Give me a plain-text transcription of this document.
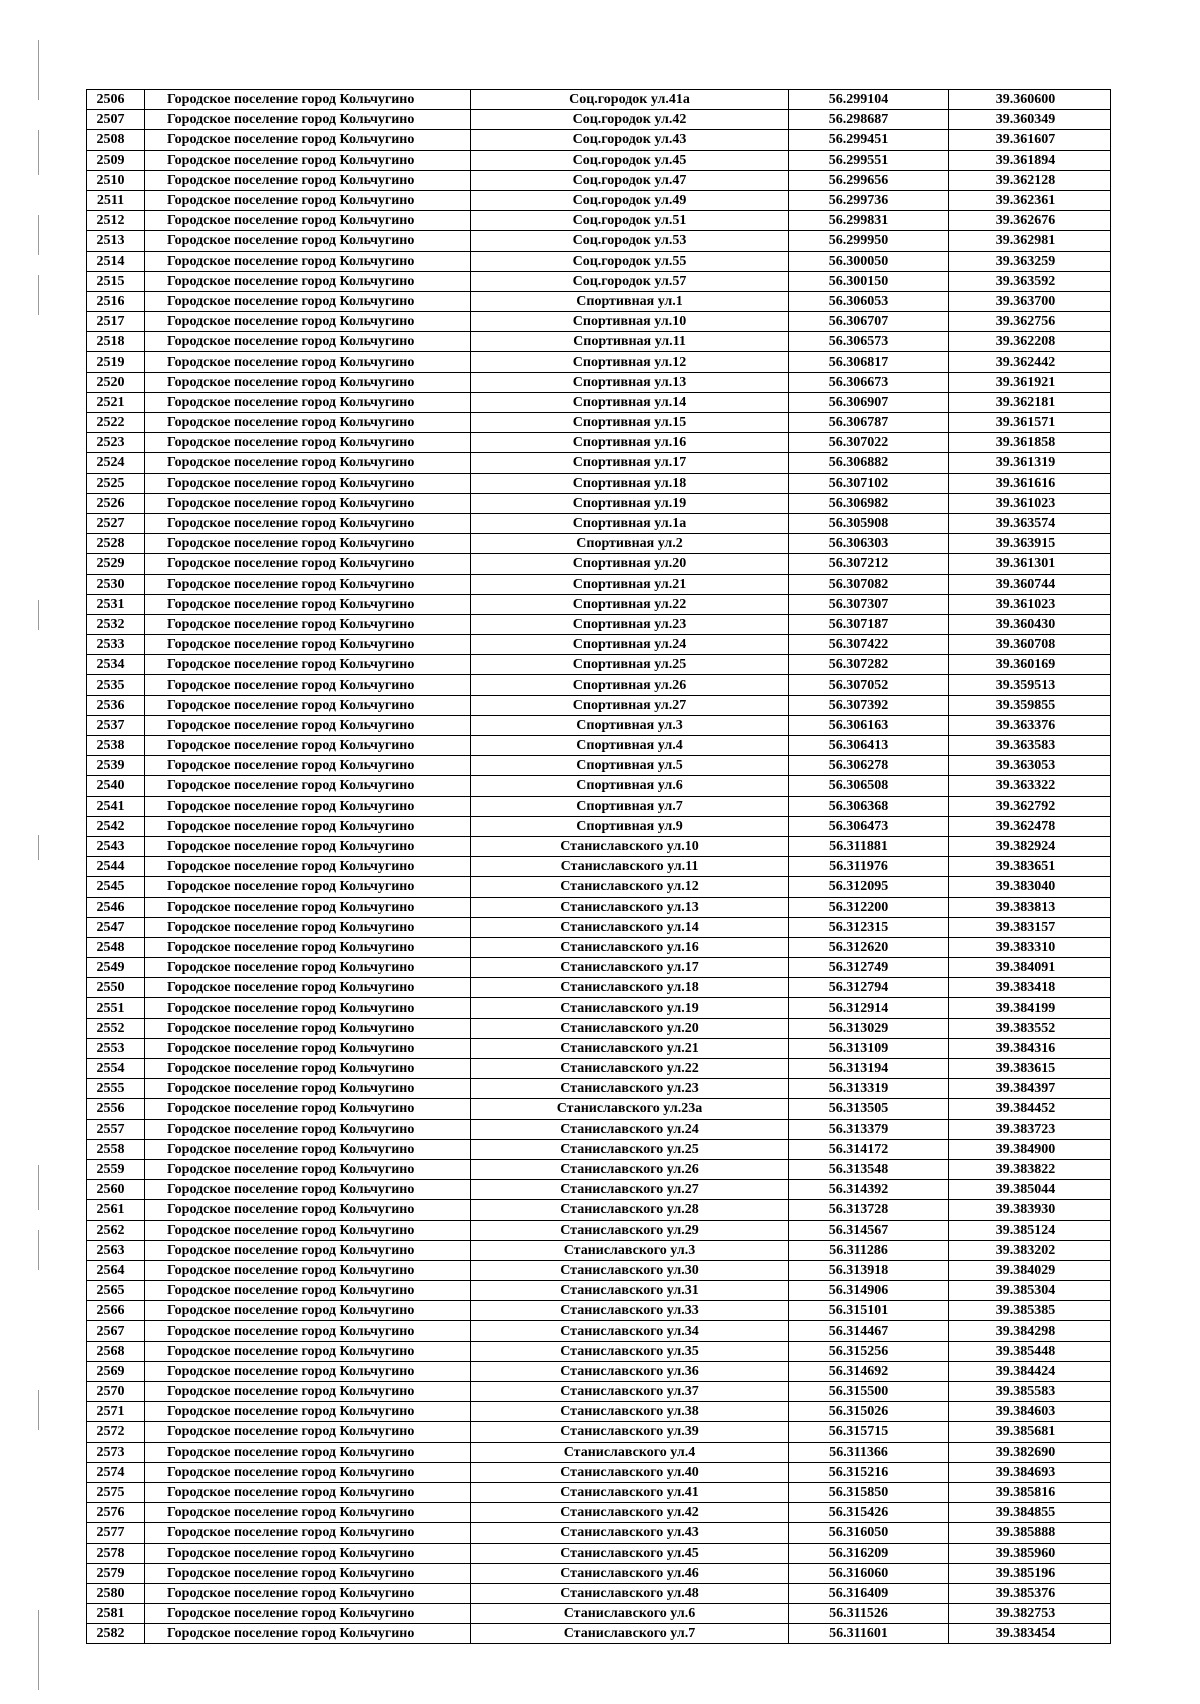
2506	Городское поселение город Кольчугино	Соц.городок ул.41а	56.299104	39.360600
2507	Городское поселение город Кольчугино	Соц.городок ул.42	56.298687	39.360349
2508	Городское поселение город Кольчугино	Соц.городок ул.43	56.299451	39.361607
2509	Городское поселение город Кольчугино	Соц.городок ул.45	56.299551	39.361894
2510	Городское поселение город Кольчугино	Соц.городок ул.47	56.299656	39.362128
2511	Городское поселение город Кольчугино	Соц.городок ул.49	56.299736	39.362361
2512	Городское поселение город Кольчугино	Соц.городок ул.51	56.299831	39.362676
2513	Городское поселение город Кольчугино	Соц.городок ул.53	56.299950	39.362981
2514	Городское поселение город Кольчугино	Соц.городок ул.55	56.300050	39.363259
2515	Городское поселение город Кольчугино	Соц.городок ул.57	56.300150	39.363592
2516	Городское поселение город Кольчугино	Спортивная ул.1	56.306053	39.363700
2517	Городское поселение город Кольчугино	Спортивная ул.10	56.306707	39.362756
2518	Городское поселение город Кольчугино	Спортивная ул.11	56.306573	39.362208
2519	Городское поселение город Кольчугино	Спортивная ул.12	56.306817	39.362442
2520	Городское поселение город Кольчугино	Спортивная ул.13	56.306673	39.361921
2521	Городское поселение город Кольчугино	Спортивная ул.14	56.306907	39.362181
2522	Городское поселение город Кольчугино	Спортивная ул.15	56.306787	39.361571
2523	Городское поселение город Кольчугино	Спортивная ул.16	56.307022	39.361858
2524	Городское поселение город Кольчугино	Спортивная ул.17	56.306882	39.361319
2525	Городское поселение город Кольчугино	Спортивная ул.18	56.307102	39.361616
2526	Городское поселение город Кольчугино	Спортивная ул.19	56.306982	39.361023
2527	Городское поселение город Кольчугино	Спортивная ул.1а	56.305908	39.363574
2528	Городское поселение город Кольчугино	Спортивная ул.2	56.306303	39.363915
2529	Городское поселение город Кольчугино	Спортивная ул.20	56.307212	39.361301
2530	Городское поселение город Кольчугино	Спортивная ул.21	56.307082	39.360744
2531	Городское поселение город Кольчугино	Спортивная ул.22	56.307307	39.361023
2532	Городское поселение город Кольчугино	Спортивная ул.23	56.307187	39.360430
2533	Городское поселение город Кольчугино	Спортивная ул.24	56.307422	39.360708
2534	Городское поселение город Кольчугино	Спортивная ул.25	56.307282	39.360169
2535	Городское поселение город Кольчугино	Спортивная ул.26	56.307052	39.359513
2536	Городское поселение город Кольчугино	Спортивная ул.27	56.307392	39.359855
2537	Городское поселение город Кольчугино	Спортивная ул.3	56.306163	39.363376
2538	Городское поселение город Кольчугино	Спортивная ул.4	56.306413	39.363583
2539	Городское поселение город Кольчугино	Спортивная ул.5	56.306278	39.363053
2540	Городское поселение город Кольчугино	Спортивная ул.6	56.306508	39.363322
2541	Городское поселение город Кольчугино	Спортивная ул.7	56.306368	39.362792
2542	Городское поселение город Кольчугино	Спортивная ул.9	56.306473	39.362478
2543	Городское поселение город Кольчугино	Станиславского ул.10	56.311881	39.382924
2544	Городское поселение город Кольчугино	Станиславского ул.11	56.311976	39.383651
2545	Городское поселение город Кольчугино	Станиславского ул.12	56.312095	39.383040
2546	Городское поселение город Кольчугино	Станиславского ул.13	56.312200	39.383813
2547	Городское поселение город Кольчугино	Станиславского ул.14	56.312315	39.383157
2548	Городское поселение город Кольчугино	Станиславского ул.16	56.312620	39.383310
2549	Городское поселение город Кольчугино	Станиславского ул.17	56.312749	39.384091
2550	Городское поселение город Кольчугино	Станиславского ул.18	56.312794	39.383418
2551	Городское поселение город Кольчугино	Станиславского ул.19	56.312914	39.384199
2552	Городское поселение город Кольчугино	Станиславского ул.20	56.313029	39.383552
2553	Городское поселение город Кольчугино	Станиславского ул.21	56.313109	39.384316
2554	Городское поселение город Кольчугино	Станиславского ул.22	56.313194	39.383615
2555	Городское поселение город Кольчугино	Станиславского ул.23	56.313319	39.384397
2556	Городское поселение город Кольчугино	Станиславского ул.23а	56.313505	39.384452
2557	Городское поселение город Кольчугино	Станиславского ул.24	56.313379	39.383723
2558	Городское поселение город Кольчугино	Станиславского ул.25	56.314172	39.384900
2559	Городское поселение город Кольчугино	Станиславского ул.26	56.313548	39.383822
2560	Городское поселение город Кольчугино	Станиславского ул.27	56.314392	39.385044
2561	Городское поселение город Кольчугино	Станиславского ул.28	56.313728	39.383930
2562	Городское поселение город Кольчугино	Станиславского ул.29	56.314567	39.385124
2563	Городское поселение город Кольчугино	Станиславского ул.3	56.311286	39.383202
2564	Городское поселение город Кольчугино	Станиславского ул.30	56.313918	39.384029
2565	Городское поселение город Кольчугино	Станиславского ул.31	56.314906	39.385304
2566	Городское поселение город Кольчугино	Станиславского ул.33	56.315101	39.385385
2567	Городское поселение город Кольчугино	Станиславского ул.34	56.314467	39.384298
2568	Городское поселение город Кольчугино	Станиславского ул.35	56.315256	39.385448
2569	Городское поселение город Кольчугино	Станиславского ул.36	56.314692	39.384424
2570	Городское поселение город Кольчугино	Станиславского ул.37	56.315500	39.385583
2571	Городское поселение город Кольчугино	Станиславского ул.38	56.315026	39.384603
2572	Городское поселение город Кольчугино	Станиславского ул.39	56.315715	39.385681
2573	Городское поселение город Кольчугино	Станиславского ул.4	56.311366	39.382690
2574	Городское поселение город Кольчугино	Станиславского ул.40	56.315216	39.384693
2575	Городское поселение город Кольчугино	Станиславского ул.41	56.315850	39.385816
2576	Городское поселение город Кольчугино	Станиславского ул.42	56.315426	39.384855
2577	Городское поселение город Кольчугино	Станиславского ул.43	56.316050	39.385888
2578	Городское поселение город Кольчугино	Станиславского ул.45	56.316209	39.385960
2579	Городское поселение город Кольчугино	Станиславского ул.46	56.316060	39.385196
2580	Городское поселение город Кольчугино	Станиславского ул.48	56.316409	39.385376
2581	Городское поселение город Кольчугино	Станиславского ул.6	56.311526	39.382753
2582	Городское поселение город Кольчугино	Станиславского ул.7	56.311601	39.383454
